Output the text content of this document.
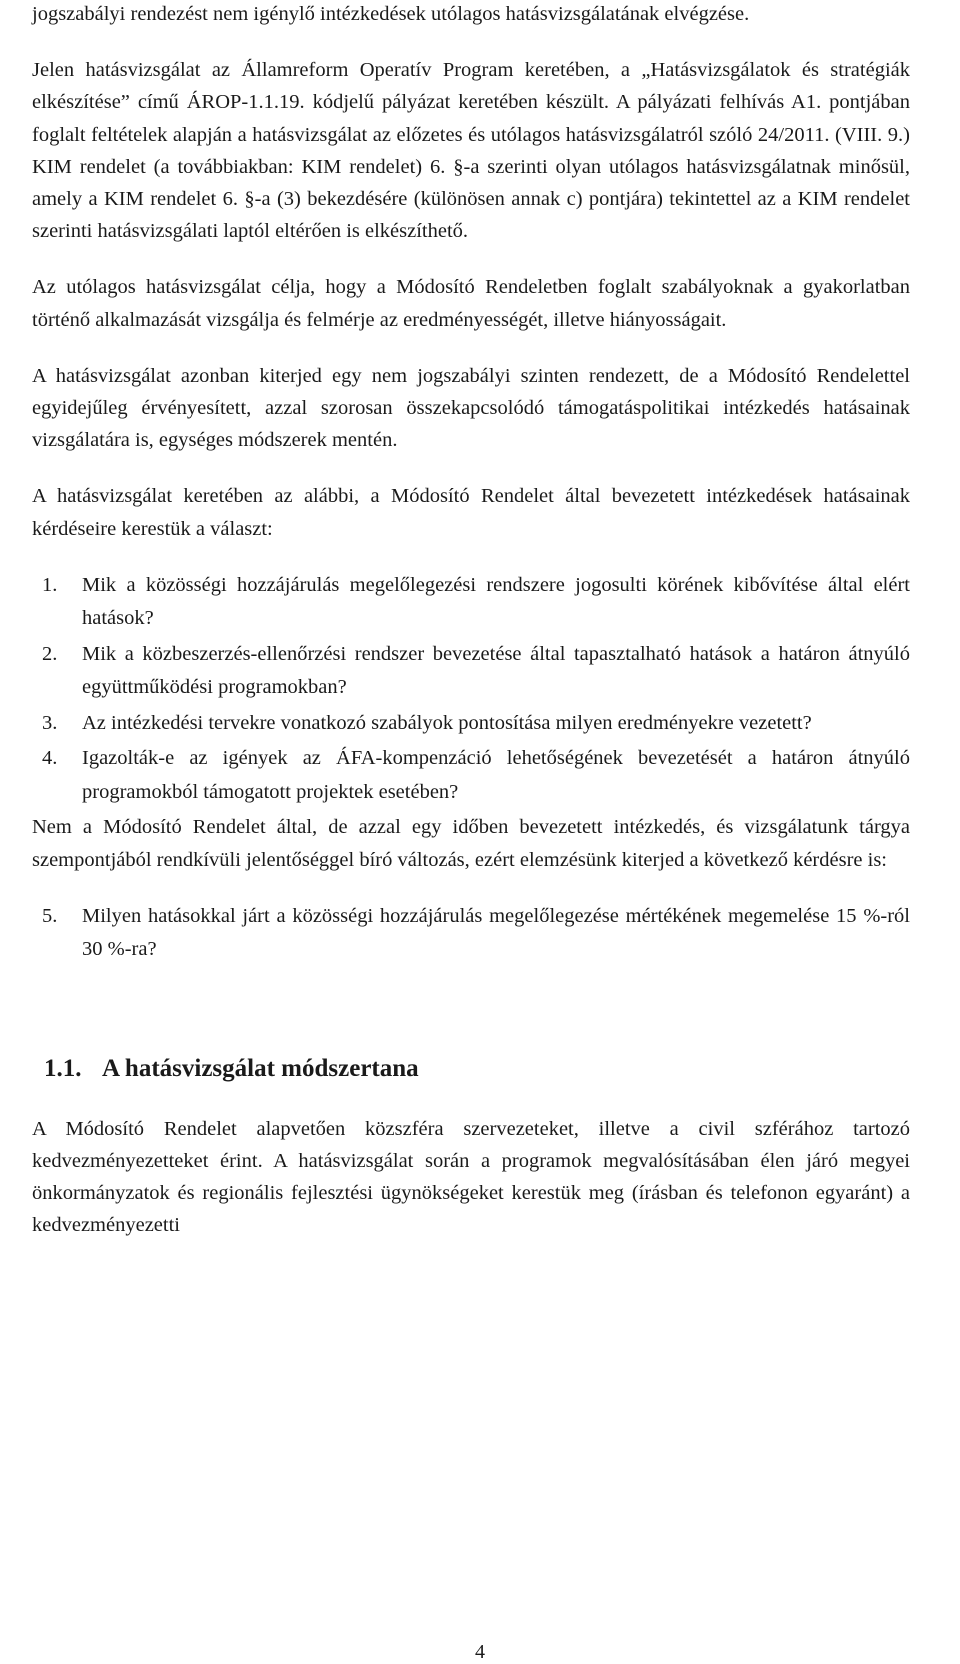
jogszabályi rendezést nem igénylő intézkedések utólagos hatásvizsgálatának elvégzése.

Jelen hatásvizsgálat az Államreform Operatív Program keretében, a „Hatásvizsgálatok és stratégiák elkészítése” című ÁROP-1.1.19. kódjelű pályázat keretében készült. A pályázati felhívás A1. pontjában foglalt feltételek alapján a hatásvizsgálat az előzetes és utólagos hatásvizsgálatról szóló 24/2011. (VIII. 9.) KIM rendelet (a továbbiakban: KIM rendelet) 6. §-a szerinti olyan utólagos hatásvizsgálatnak minősül, amely a KIM rendelet 6. §-a (3) bekezdésére (különösen annak c) pontjára) tekintettel az a KIM rendelet szerinti hatásvizsgálati laptól eltérően is elkészíthető.

Az utólagos hatásvizsgálat célja, hogy a Módosító Rendeletben foglalt szabályoknak a gyakorlatban történő alkalmazását vizsgálja és felmérje az eredményességét, illetve hiányosságait.

A hatásvizsgálat azonban kiterjed egy nem jogszabályi szinten rendezett, de a Módosító Rendelettel egyidejűleg érvényesített, azzal szorosan összekapcsolódó támogatáspolitikai intézkedés hatásainak vizsgálatára is, egységes módszerek mentén.

A hatásvizsgálat keretében az alábbi, a Módosító Rendelet által bevezetett intézkedések hatásainak kérdéseire kerestük a választ:

1.	Mik a közösségi hozzájárulás megelőlegezési rendszere jogosulti körének kibővítése által elért hatások?
2.	Mik a közbeszerzés-ellenőrzési rendszer bevezetése által tapasztalható hatások a határon átnyúló együttműködési programokban?
3.	Az intézkedési tervekre vonatkozó szabályok pontosítása milyen eredményekre vezetett?
4.	Igazolták-e az igények az ÁFA-kompenzáció lehetőségének bevezetését a határon átnyúló programokból támogatott projektek esetében?

Nem a Módosító Rendelet által, de azzal egy időben bevezetett intézkedés, és vizsgálatunk tárgya szempontjából rendkívüli jelentőséggel bíró változás, ezért elemzésünk kiterjed a következő kérdésre is:

5.	Milyen hatásokkal járt a közösségi hozzájárulás megelőlegezése mértékének megemelése 15 %-ról 30 %-ra?
1.1. A hatásvizsgálat módszertana

A Módosító Rendelet alapvetően közszféra szervezeteket, illetve a civil szférához tartozó kedvezményezetteket érint. A hatásvizsgálat során a programok megvalósításában élen járó megyei önkormányzatok és regionális fejlesztési ügynökségeket kerestük meg (írásban és telefonon egyaránt) a kedvezményezetti

4
